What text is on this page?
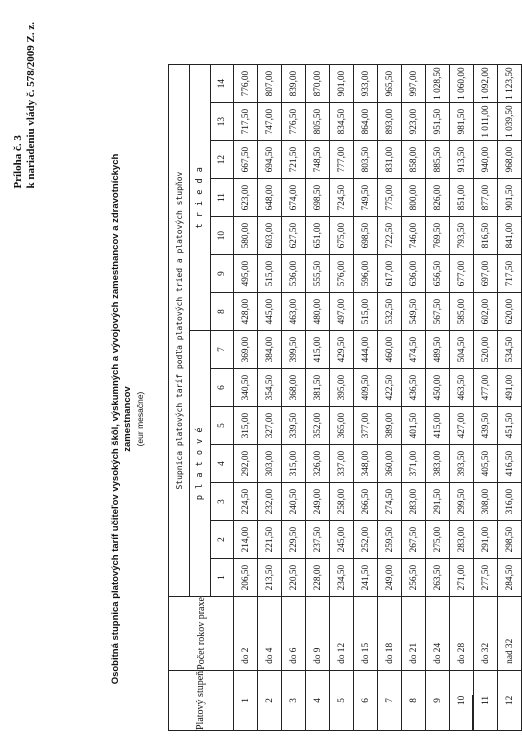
Príloha č. 3 k nariadeniu vlády č. 578/2009 Z. z.
Osobitná stupnica platových taríf učiteľov vysokých škôl, výskumných a vývojových zamestnancov a zdravotníckych zamestnancov (eur mesačne)
Platový stupeň	Počet rokov praxe	Stupnica platových taríf podľa platových tried a platových stupňov													
		p l a t o v é							t r i e d a						
		1	2	3	4	5	6	7	8	9	10	11	12	13	14
1	do 2	206,50	214,00	224,50	292,00	315,00	340,50	369,00	428,00	495,00	580,00	623,00	667,50	717,50	776,00
2	do 4	213,50	221,50	232,00	303,00	327,00	354,50	384,00	445,00	515,00	603,00	648,00	694,50	747,00	807,00
3	do 6	220,50	229,50	240,50	315,00	339,50	368,00	399,50	463,00	536,00	627,50	674,00	721,50	776,50	839,00
4	do 9	228,00	237,50	249,00	326,00	352,00	381,50	415,00	480,00	555,50	651,00	698,50	748,50	805,50	870,00
5	do 12	234,50	245,00	258,00	337,00	365,00	395,00	429,50	497,00	576,00	675,00	724,50	777,00	834,50	901,00
6	do 15	241,50	252,00	266,50	348,00	377,00	409,50	444,00	515,00	596,00	698,50	749,50	803,50	864,00	933,00
7	do 18	249,00	259,50	274,50	360,00	389,00	422,50	460,00	532,50	617,00	722,50	775,00	831,00	893,00	965,50
8	do 21	256,50	267,50	283,00	371,00	401,50	436,50	474,50	549,50	636,00	746,00	800,00	858,00	923,00	997,00
9	do 24	263,50	275,00	291,50	383,00	415,00	450,00	489,50	567,50	656,50	769,50	826,00	885,50	951,50	1 028,50
10	do 28	271,00	283,00	299,50	393,50	427,00	463,50	504,50	585,00	677,00	793,50	851,00	913,50	981,50	1 060,00
11	do 32	277,50	291,00	308,00	405,50	439,50	477,00	520,00	602,00	697,00	816,50	877,00	940,00	1 011,00	1 092,00
12	nad 32	284,50	298,50	316,00	416,50	451,50	491,00	534,50	620,00	717,50	841,00	901,50	968,00	1 039,50	1 123,50
